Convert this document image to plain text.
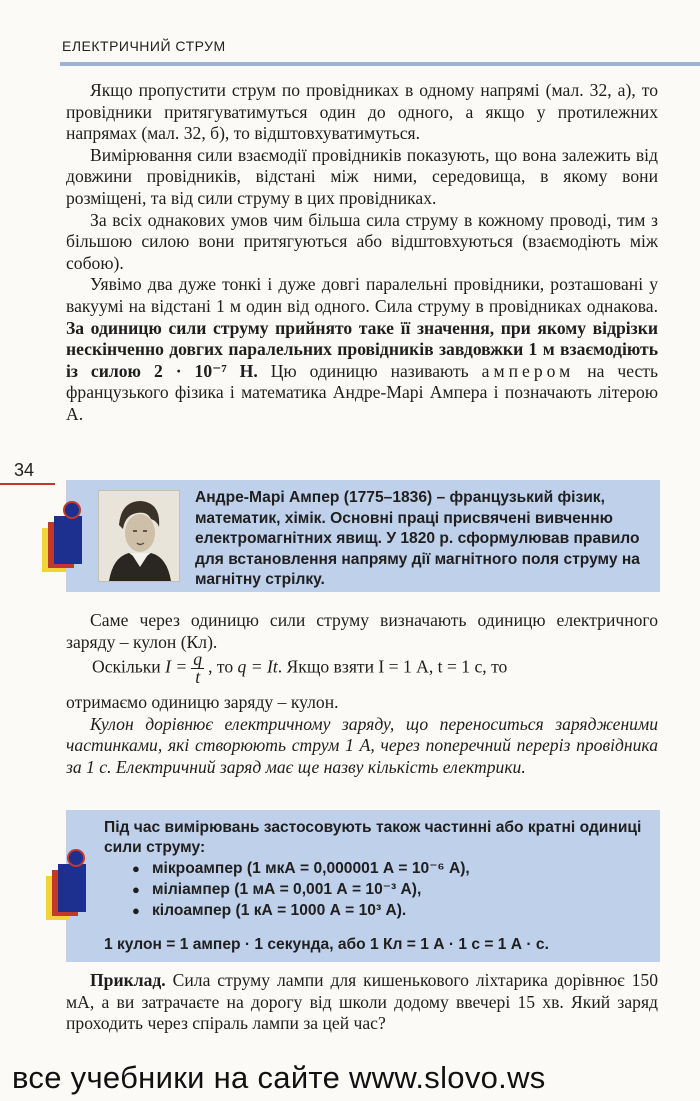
ЕЛЕКТРИЧНИЙ СТРУМ

Якщо пропустити струм по провідниках в одному напрямі (мал. 32, а), то провідники притягуватимуться один до одного, а якщо у протилежних напрямах (мал. 32, б), то відштовхуватимуться.

Вимірювання сили взаємодії провідників показують, що вона залежить від довжини провідників, відстані між ними, середовища, в якому вони розміщені, та від сили струму в цих провідниках.

За всіх однакових умов чим більша сила струму в кожному проводі, тим з більшою силою вони притягуються або відштовхуються (взаємодіють між собою).

Уявімо два дуже тонкі і дуже довгі паралельні провідники, розташовані у вакуумі на відстані 1 м один від одного. Сила струму в провідниках однакова. За одиницю сили струму прийнято таке її значення, при якому відрізки нескінченно довгих паралельних провідників завдовжки 1 м взаємодіють із силою 2 · 10⁻⁷ Н. Цю одиницю називають ампером на честь французького фізика і математика Андре-Марі Ампера і позначають літерою А.

34
Андре-Марі Ампер (1775–1836) – французький фізик, математик, хімік. Основні праці присвячені вивченню електромагнітних явищ. У 1820 р. сформулював правило для встановлення напряму дії магнітного поля струму на магнітну стрілку.

Саме через одиницю сили струму визначають одиницю електричного заряду – кулон (Кл).

Оскільки $I = \frac{q}{t}$ , то q = It. Якщо взяти I = 1 А, t = 1 с, то

отримаємо одиницю заряду – кулон.

Кулон дорівнює електричному заряду, що переноситься зарядженими частинками, які створюють струм 1 А, через поперечний переріз провідника за 1 с. Електричний заряд має ще назву кількість електрики.

Під час вимірювань застосовують також частинні або кратні одиниці сили струму:
● мікроампер (1 мкА = 0,000001 А = 10⁻⁶ А),
● міліампер (1 мА = 0,001 А = 10⁻³ А),
● кілоампер (1 кА = 1000 А = 10³ А).
1 кулон = 1 ампер · 1 секунда, або 1 Кл = 1 А · 1 с = 1 А · с.

Приклад. Сила струму лампи для кишенькового ліхтарика дорівнює 150 мА, а ви затрачаєте на дорогу від школи додому ввечері 15 хв. Який заряд проходить через спіраль лампи за цей час?

все учебники на сайте www.slovo.ws
